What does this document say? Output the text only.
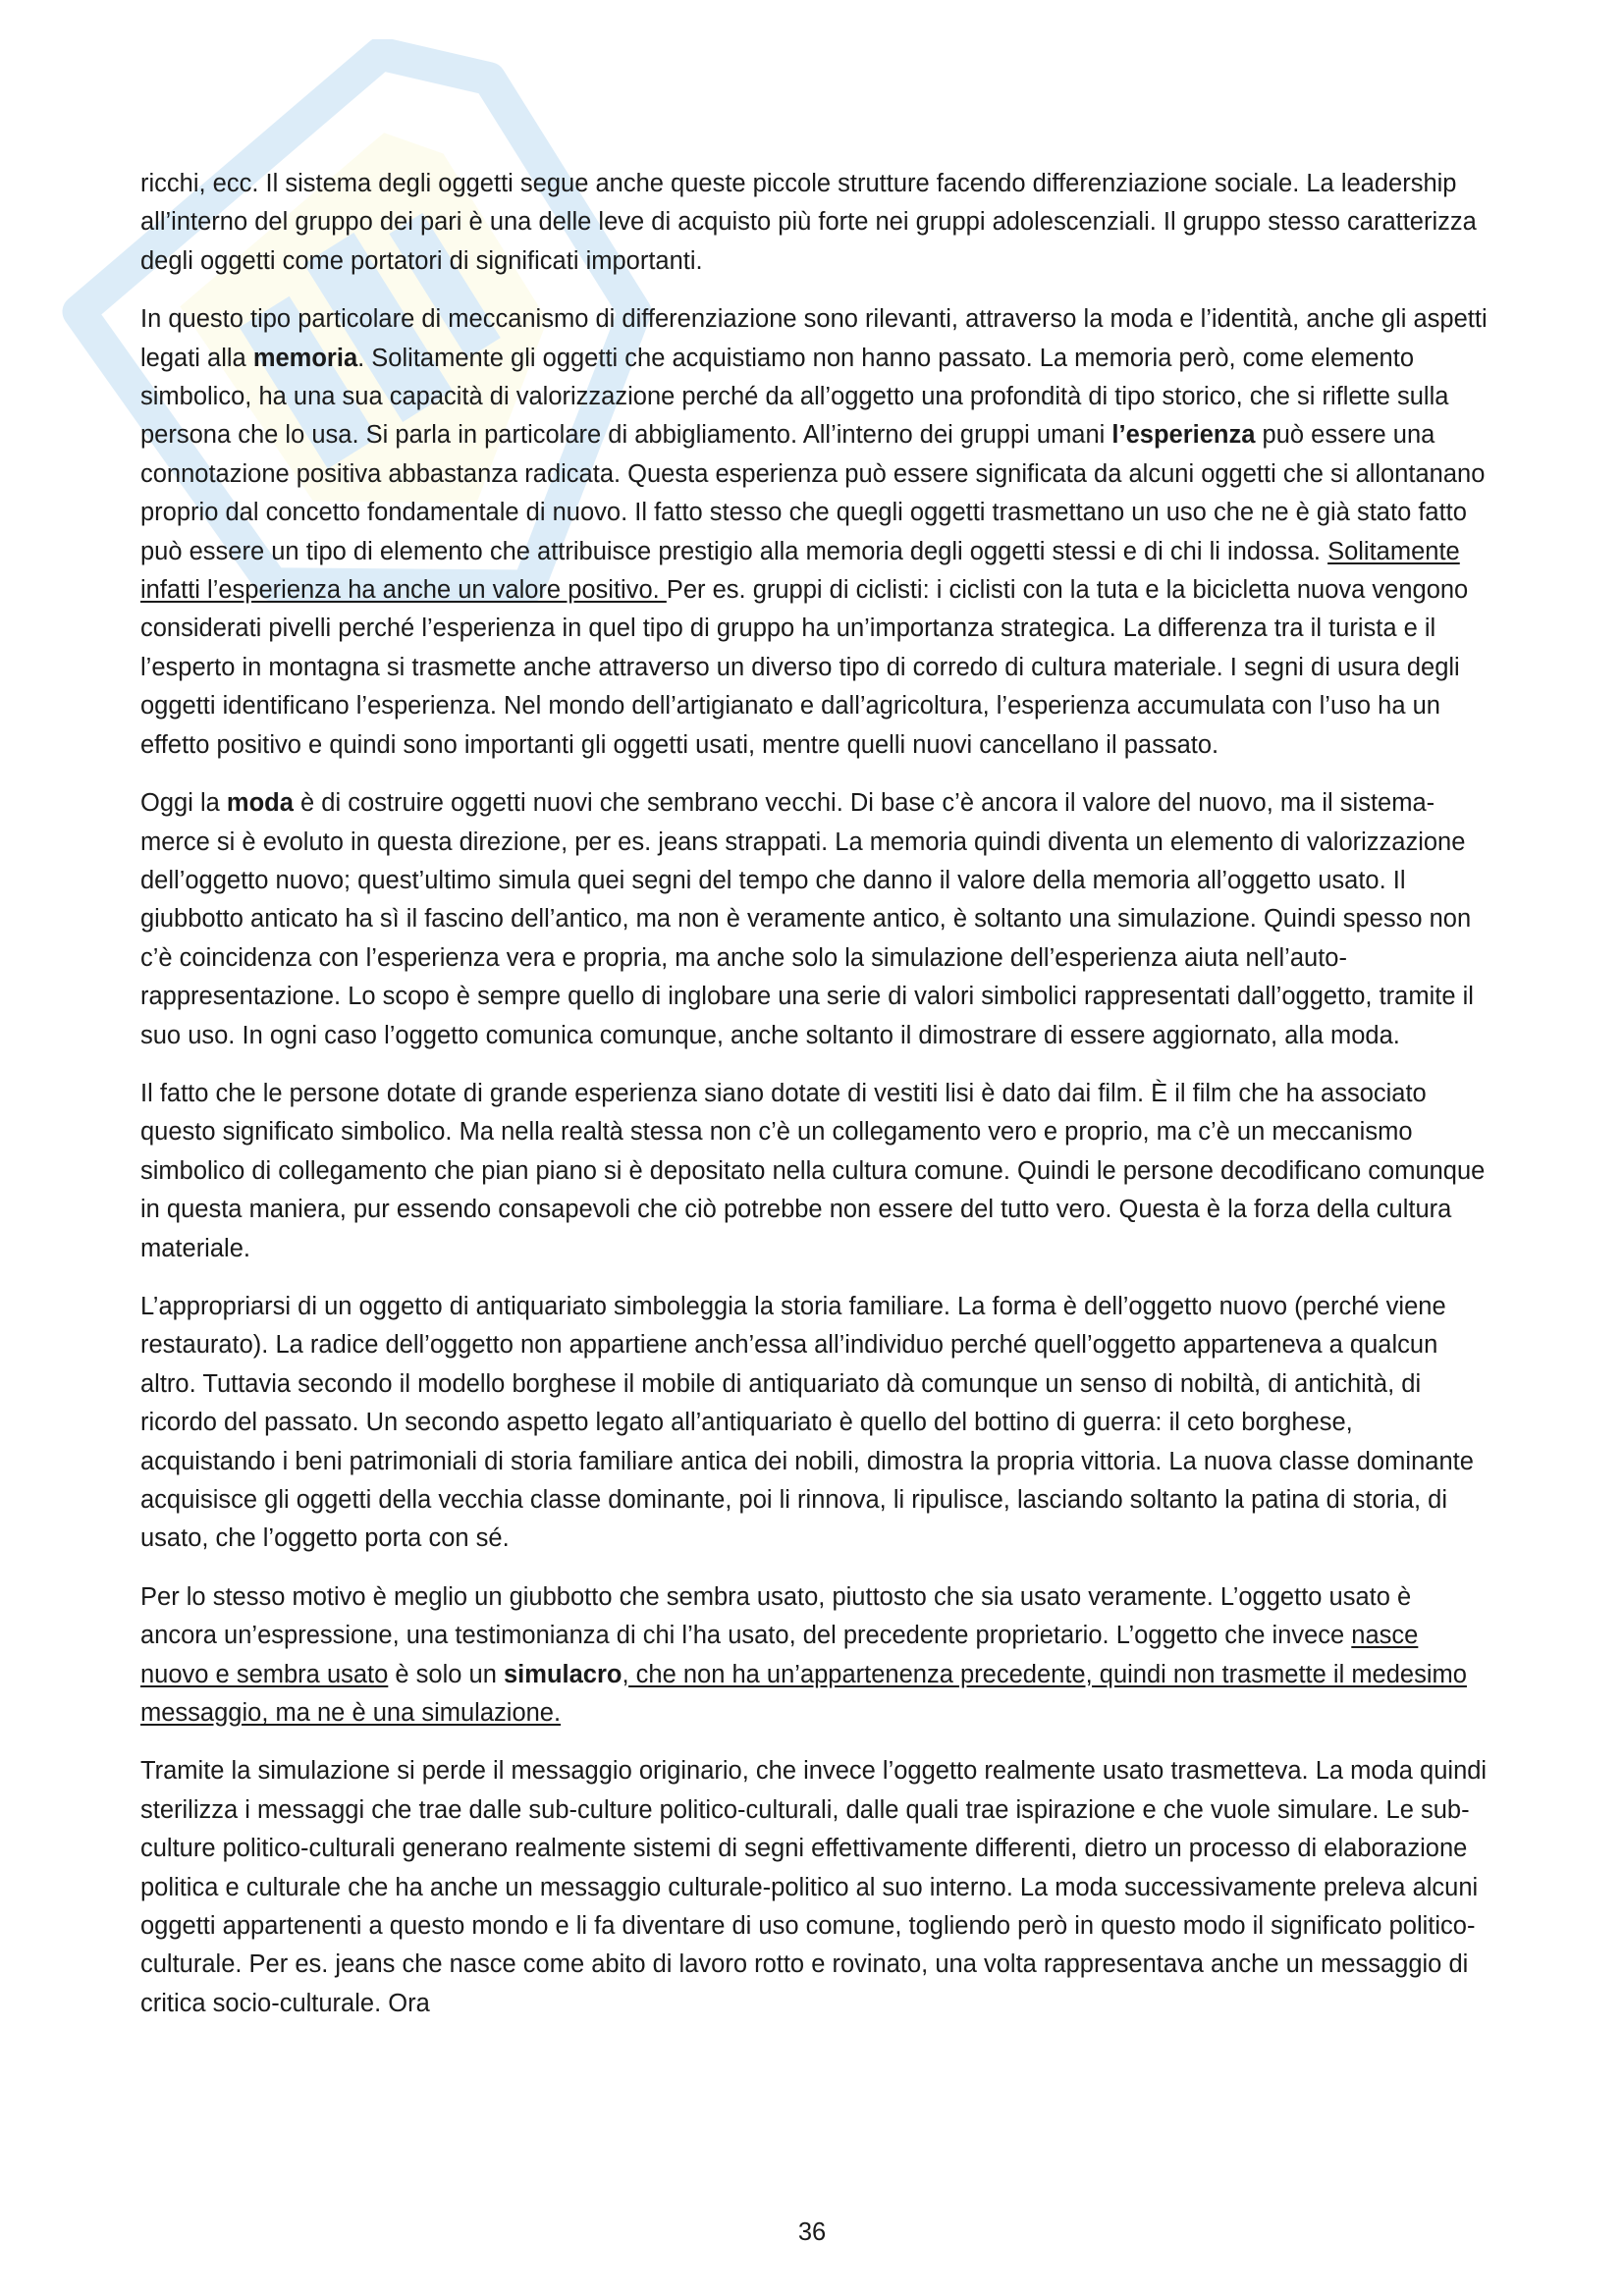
ricchi, ecc. Il sistema degli oggetti segue anche queste piccole strutture facendo differenziazione sociale. La leadership all’interno del gruppo dei pari è una delle leve di acquisto più forte nei gruppi adolescenziali. Il gruppo stesso caratterizza degli oggetti come portatori di significati importanti.

In questo tipo particolare di meccanismo di differenziazione sono rilevanti, attraverso la moda e l’identità, anche gli aspetti legati alla memoria. Solitamente gli oggetti che acquistiamo non hanno passato. La memoria però, come elemento simbolico, ha una sua capacità di valorizzazione perché da all’oggetto una profondità di tipo storico, che si riflette sulla persona che lo usa. Si parla in particolare di abbigliamento. All’interno dei gruppi umani l’esperienza può essere una connotazione positiva abbastanza radicata. Questa esperienza può essere significata da alcuni oggetti che si allontanano proprio dal concetto fondamentale di nuovo. Il fatto stesso che quegli oggetti trasmettano un uso che ne è già stato fatto può essere un tipo di elemento che attribuisce prestigio alla memoria degli oggetti stessi e di chi li indossa. Solitamente infatti l’esperienza ha anche un valore positivo. Per es. gruppi di ciclisti: i ciclisti con la tuta e la bicicletta nuova vengono considerati pivelli perché l’esperienza in quel tipo di gruppo ha un’importanza strategica. La differenza tra il turista e il l’esperto in montagna si trasmette anche attraverso un diverso tipo di corredo di cultura materiale. I segni di usura degli oggetti identificano l’esperienza. Nel mondo dell’artigianato e dall’agricoltura, l’esperienza accumulata con l’uso ha un effetto positivo e quindi sono importanti gli oggetti usati, mentre quelli nuovi cancellano il passato.

Oggi la moda è di costruire oggetti nuovi che sembrano vecchi. Di base c’è ancora il valore del nuovo, ma il sistema-merce si è evoluto in questa direzione, per es. jeans strappati. La memoria quindi diventa un elemento di valorizzazione dell’oggetto nuovo; quest’ultimo simula quei segni del tempo che danno il valore della memoria all’oggetto usato. Il giubbotto anticato ha sì il fascino dell’antico, ma non è veramente antico, è soltanto una simulazione. Quindi spesso non c’è coincidenza con l’esperienza vera e propria, ma anche solo la simulazione dell’esperienza aiuta nell’auto-rappresentazione. Lo scopo è sempre quello di inglobare una serie di valori simbolici rappresentati dall’oggetto, tramite il suo uso. In ogni caso l’oggetto comunica comunque, anche soltanto il dimostrare di essere aggiornato, alla moda.

Il fatto che le persone dotate di grande esperienza siano dotate di vestiti lisi è dato dai film. È il film che ha associato questo significato simbolico. Ma nella realtà stessa non c’è un collegamento vero e proprio, ma c’è un meccanismo simbolico di collegamento che pian piano si è depositato nella cultura comune. Quindi le persone decodificano comunque in questa maniera, pur essendo consapevoli che ciò potrebbe non essere del tutto vero. Questa è la forza della cultura materiale.

L’appropriarsi di un oggetto di antiquariato simboleggia la storia familiare. La forma è dell’oggetto nuovo (perché viene restaurato). La radice dell’oggetto non appartiene anch’essa all’individuo perché quell’oggetto apparteneva a qualcun altro. Tuttavia secondo il modello borghese il mobile di antiquariato dà comunque un senso di nobiltà, di antichità, di ricordo del passato. Un secondo aspetto legato all’antiquariato è quello del bottino di guerra: il ceto borghese, acquistando i beni patrimoniali di storia familiare antica dei nobili, dimostra la propria vittoria. La nuova classe dominante acquisisce gli oggetti della vecchia classe dominante, poi li rinnova, li ripulisce, lasciando soltanto la patina di storia, di usato, che l’oggetto porta con sé.

Per lo stesso motivo è meglio un giubbotto che sembra usato, piuttosto che sia usato veramente. L’oggetto usato è ancora un’espressione, una testimonianza di chi l’ha usato, del precedente proprietario. L’oggetto che invece nasce nuovo e sembra usato è solo un simulacro, che non ha un’appartenenza precedente, quindi non trasmette il medesimo messaggio, ma ne è una simulazione.

Tramite la simulazione si perde il messaggio originario, che invece l’oggetto realmente usato trasmetteva. La moda quindi sterilizza i messaggi che trae dalle sub-culture politico-culturali, dalle quali trae ispirazione e che vuole simulare. Le sub-culture politico-culturali generano realmente sistemi di segni effettivamente differenti, dietro un processo di elaborazione politica e culturale che ha anche un messaggio culturale-politico al suo interno. La moda successivamente preleva alcuni oggetti appartenenti a questo mondo e li fa diventare di uso comune, togliendo però in questo modo il significato politico-culturale. Per es. jeans che nasce come abito di lavoro rotto e rovinato, una volta rappresentava anche un messaggio di critica socio-culturale. Ora

36
